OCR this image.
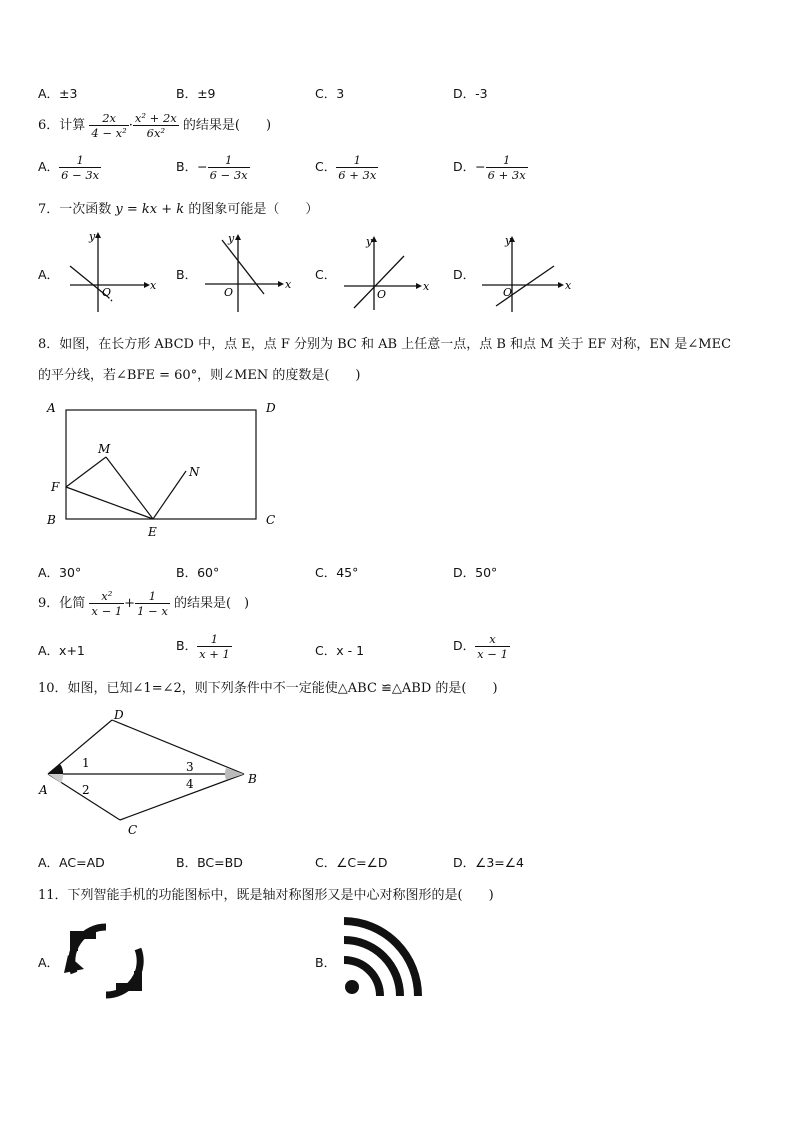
A．±3	B．±9	C．3	D．-3
6．计算 $\frac{2x}{\text{4 − x²}} \cdot \frac{\text{x² + 2x}}{\text{6x²}}$ 的结果是(　　)
A． $\frac{1}{6 - 3x}$	B．− $\frac{1}{6 - 3x}$	C． $\frac{1}{6 + 3x}$	D．− $\frac{1}{6 + 3x}$
7．一次函数 y = kx + k 的图象可能是（　　）
A．
y
x
O
B．
y
x
O
C．
y
x
O
D．
y
x
O
8．如图，在长方形 ABCD 中，点 E，点 F 分别为 BC 和 AB 上任意一点，点 B 和点 M 关于 EF 对称，EN 是∠MEC
的平分线，若∠BFE = 60°，则∠MEN 的度数是(　　)
A	D
B	C
E
F
M
N
A．30°	B．60°	C．45°	D．50°
9．化简 $\frac{\text{x²}}{x - 1} + \frac{1}{1 - x}$ 的结果是(　)
A．x+1	B． $\frac{1}{x + 1}$	C．x - 1	D． $\frac{x}{x - 1}$
10．如图，已知∠1=∠2，则下列条件中不一定能使△ABC ≌△ABD 的是(　　)
D
A
B
C
1
2
3
4
A．AC=AD	B．BC=BD	C．∠C=∠D	D．∠3=∠4
11．下列智能手机的功能图标中，既是轴对称图形又是中心对称图形的是(　　)
A．	B．
